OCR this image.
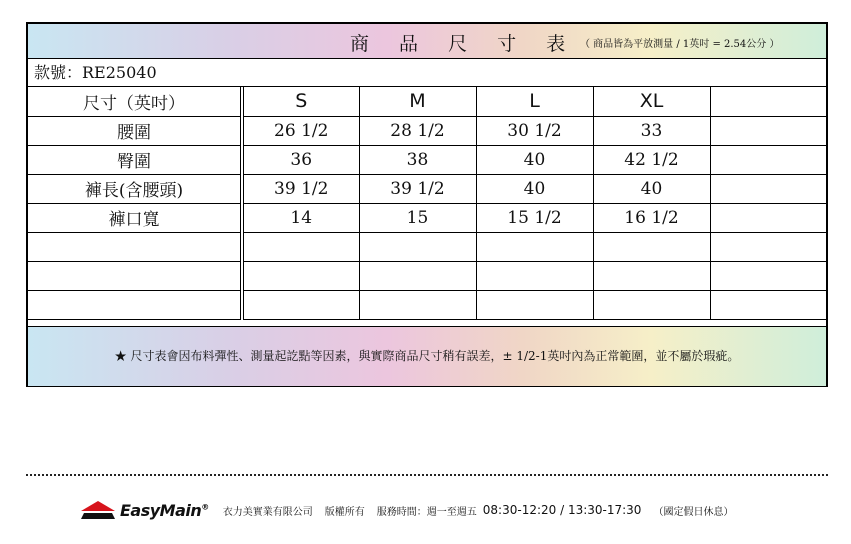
商 品 尺 寸 表 （ 商品皆為平放測量 / 1英吋 = 2.54公分 ）
款號：RE25040
尺寸（英吋）	S	M	L	XL	
腰圍	26 1/2	28 1/2	30 1/2	33	
臀圍	36	38	40	42 1/2	
褲長(含腰頭)	39 1/2	39 1/2	40	40	
褲口寬	14	15	15 1/2	16 1/2	

★ 尺寸表會因布料彈性、測量起訖點等因素，與實際商品尺寸稍有誤差，± 1/2-1英吋內為正常範圍，並不屬於瑕疵。
EasyMain® 衣力美實業有限公司 版權所有 服務時間：週一至週五 08:30-12:20 / 13:30-17:30 （國定假日休息）
